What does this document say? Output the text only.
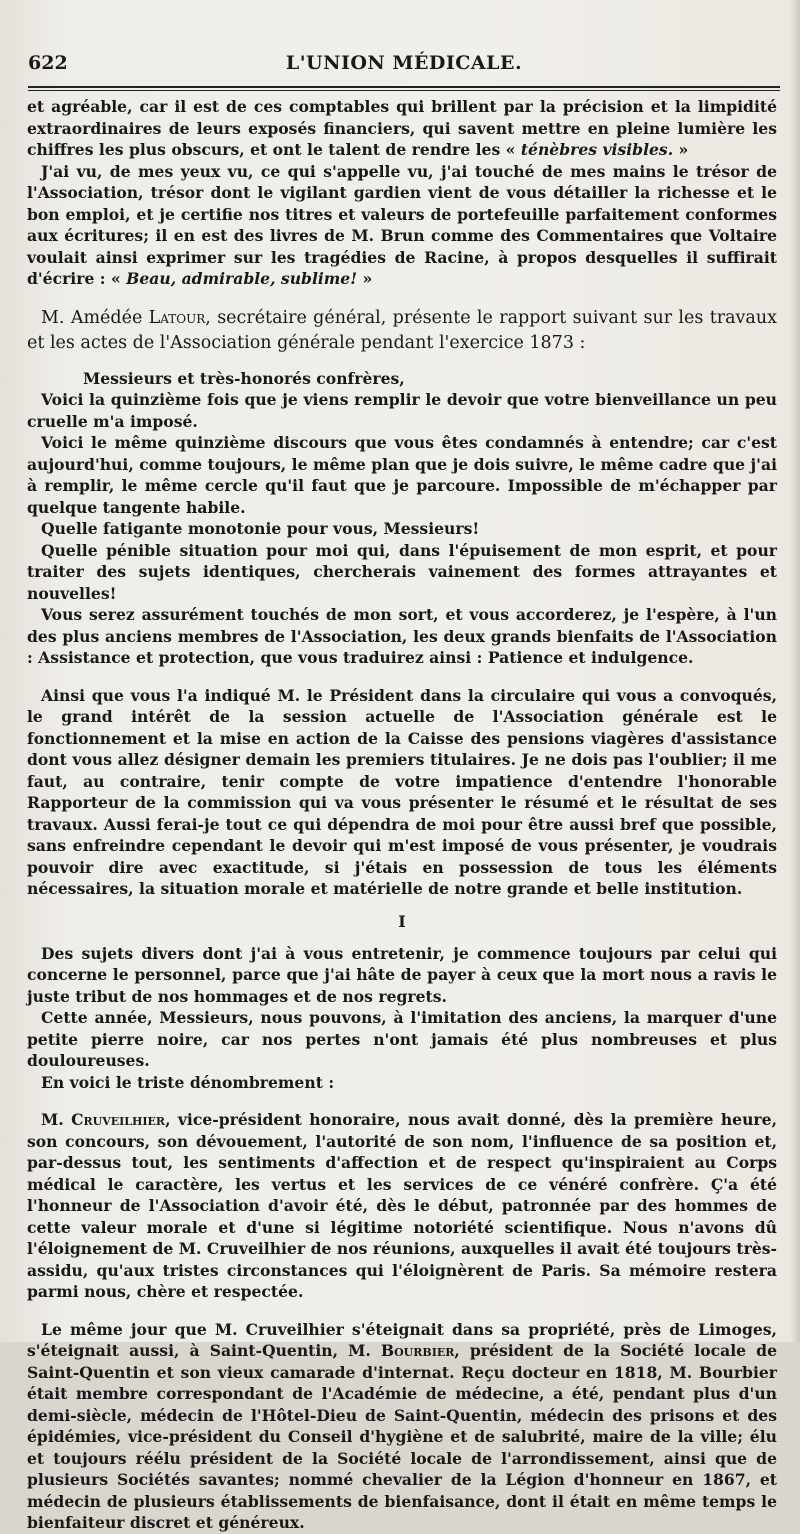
622	L'UNION MÉDICALE.

et agréable, car il est de ces comptables qui brillent par la précision et la limpidité extraordinaires de leurs exposés financiers, qui savent mettre en pleine lumière les chiffres les plus obscurs, et ont le talent de rendre les « ténèbres visibles. »

J'ai vu, de mes yeux vu, ce qui s'appelle vu, j'ai touché de mes mains le trésor de l'Association, trésor dont le vigilant gardien vient de vous détailler la richesse et le bon emploi, et je certifie nos titres et valeurs de portefeuille parfaitement conformes aux écritures; il en est des livres de M. Brun comme des Commentaires que Voltaire voulait ainsi exprimer sur les tragédies de Racine, à propos desquelles il suffirait d'écrire : « Beau, admirable, sublime! »

M. Amédée Latour, secrétaire général, présente le rapport suivant sur les travaux et les actes de l'Association générale pendant l'exercice 1873 :

Messieurs et très-honorés confrères,

Voici la quinzième fois que je viens remplir le devoir que votre bienveillance un peu cruelle m'a imposé.

Voici le même quinzième discours que vous êtes condamnés à entendre; car c'est aujourd'hui, comme toujours, le même plan que je dois suivre, le même cadre que j'ai à remplir, le même cercle qu'il faut que je parcoure. Impossible de m'échapper par quelque tangente habile.

Quelle fatigante monotonie pour vous, Messieurs!

Quelle pénible situation pour moi qui, dans l'épuisement de mon esprit, et pour traiter des sujets identiques, chercherais vainement des formes attrayantes et nouvelles!

Vous serez assurément touchés de mon sort, et vous accorderez, je l'espère, à l'un des plus anciens membres de l'Association, les deux grands bienfaits de l'Association : Assistance et protection, que vous traduirez ainsi : Patience et indulgence.

Ainsi que vous l'a indiqué M. le Président dans la circulaire qui vous a convoqués, le grand intérêt de la session actuelle de l'Association générale est le fonctionnement et la mise en action de la Caisse des pensions viagères d'assistance dont vous allez désigner demain les premiers titulaires. Je ne dois pas l'oublier; il me faut, au contraire, tenir compte de votre impatience d'entendre l'honorable Rapporteur de la commission qui va vous présenter le résumé et le résultat de ses travaux. Aussi ferai-je tout ce qui dépendra de moi pour être aussi bref que possible, sans enfreindre cependant le devoir qui m'est imposé de vous présenter, je voudrais pouvoir dire avec exactitude, si j'étais en possession de tous les éléments nécessaires, la situation morale et matérielle de notre grande et belle institution.

I

Des sujets divers dont j'ai à vous entretenir, je commence toujours par celui qui concerne le personnel, parce que j'ai hâte de payer à ceux que la mort nous a ravis le juste tribut de nos hommages et de nos regrets.

Cette année, Messieurs, nous pouvons, à l'imitation des anciens, la marquer d'une petite pierre noire, car nos pertes n'ont jamais été plus nombreuses et plus douloureuses.

En voici le triste dénombrement :

M. Cruveilhier, vice-président honoraire, nous avait donné, dès la première heure, son concours, son dévouement, l'autorité de son nom, l'influence de sa position et, par-dessus tout, les sentiments d'affection et de respect qu'inspiraient au Corps médical le caractère, les vertus et les services de ce vénéré confrère. Ç'a été l'honneur de l'Association d'avoir été, dès le début, patronnée par des hommes de cette valeur morale et d'une si légitime notoriété scientifique. Nous n'avons dû l'éloignement de M. Cruveilhier de nos réunions, auxquelles il avait été toujours très-assidu, qu'aux tristes circonstances qui l'éloignèrent de Paris. Sa mémoire restera parmi nous, chère et respectée.

Le même jour que M. Cruveilhier s'éteignait dans sa propriété, près de Limoges, s'éteignait aussi, à Saint-Quentin, M. Bourbier, président de la Société locale de Saint-Quentin et son vieux camarade d'internat. Reçu docteur en 1818, M. Bourbier était membre correspondant de l'Académie de médecine, a été, pendant plus d'un demi-siècle, médecin de l'Hôtel-Dieu de Saint-Quentin, médecin des prisons et des épidémies, vice-président du Conseil d'hygiène et de salubrité, maire de la ville; élu et toujours réélu président de la Société locale de l'arrondissement, ainsi que de plusieurs Sociétés savantes; nommé chevalier de la Légion d'honneur en 1867, et médecin de plusieurs établissements de bienfaisance, dont il était en même temps le bienfaiteur discret et généreux.
